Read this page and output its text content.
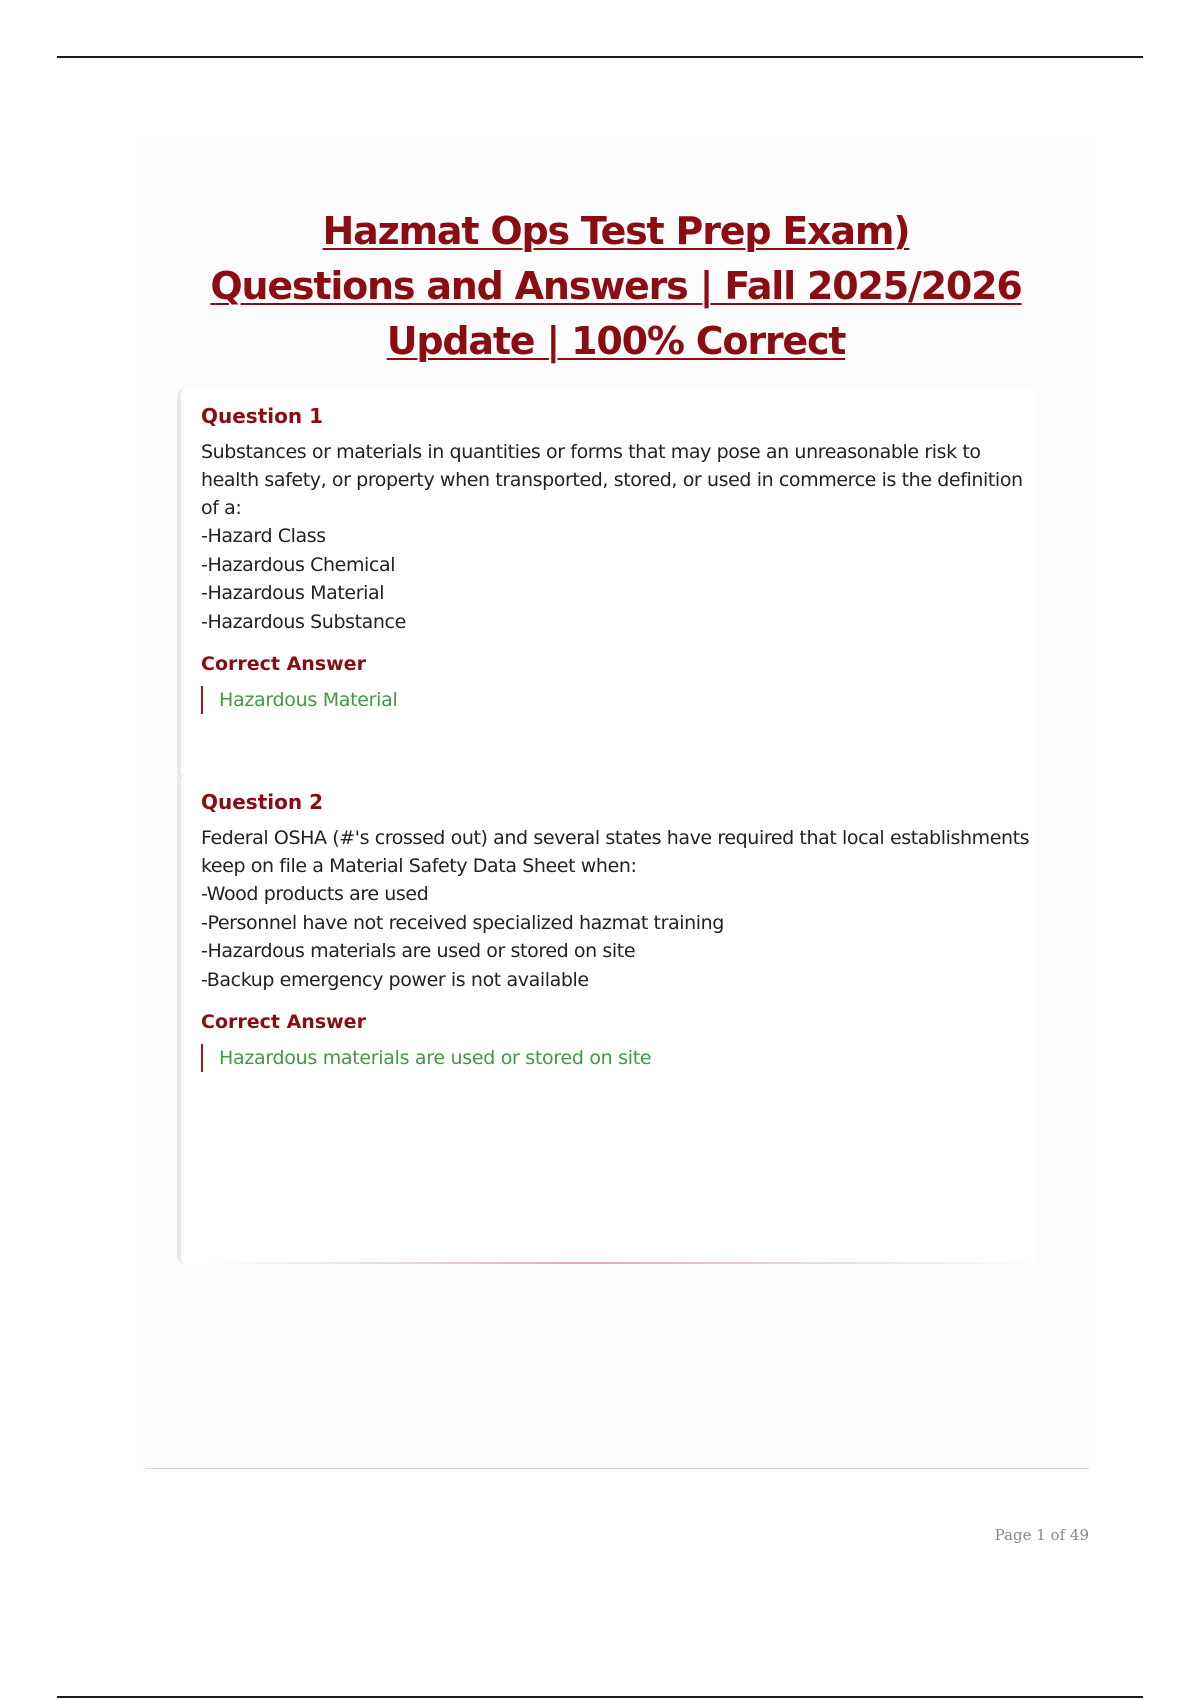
Hazmat Ops Test Prep Exam)
Questions and Answers | Fall 2025/2026
Update | 100% Correct
Question 1

Substances or materials in quantities or forms that may pose an unreasonable risk to health safety, or property when transported, stored, or used in commerce is the definition of a:

-Hazard Class
-Hazardous Chemical
-Hazardous Material
-Hazardous Substance
Correct Answer
Hazardous Material
Question 2

Federal OSHA (#'s crossed out) and several states have required that local establishments keep on file a Material Safety Data Sheet when:

-Wood products are used
-Personnel have not received specialized hazmat training
-Hazardous materials are used or stored on site
-Backup emergency power is not available
Correct Answer
Hazardous materials are used or stored on site
Page 1 of 49
